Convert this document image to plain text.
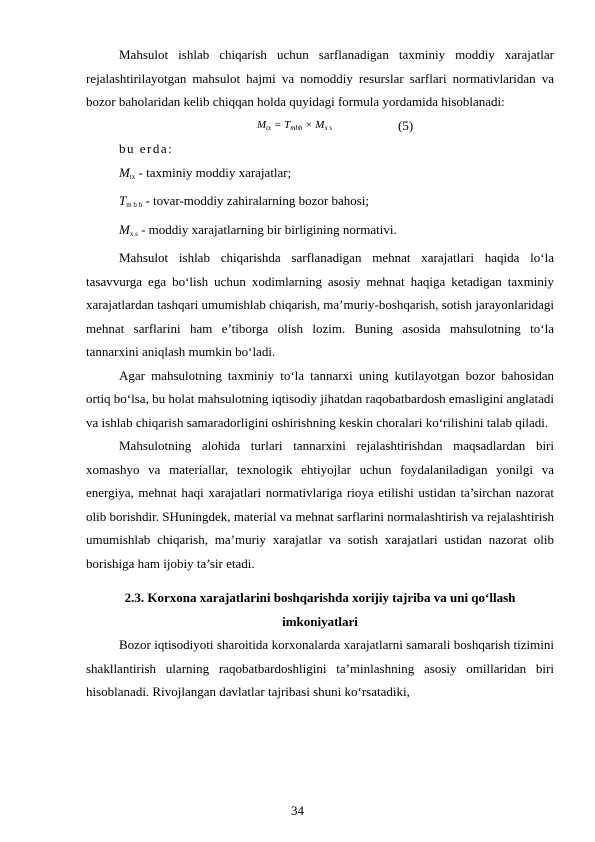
Mahsulot ishlab chiqarish uchun sarflanadigan taxminiy moddiy xarajatlar rejalashtirilayotgan mahsulot hajmi va nomoddiy resurslar sarflari normativlaridan va bozor baholaridan kelib chiqqan holda quyidagi formula yordamida hisoblanadi:

$M_{tx} = T_{mbb} \times M_{x s}$	(5)

bu erda:

$M_{tx}$ - taxminiy moddiy xarajatlar;

$T_{m b b}$ - tovar-moddiy zahiralarning bozor bahosi;

$M_{x s}$ - moddiy xarajatlarning bir birligining normativi.

Mahsulot ishlab chiqarishda sarflanadigan mehnat xarajatlari haqida lo‘la tasavvurga ega bo‘lish uchun xodimlarning asosiy mehnat haqiga ketadigan taxminiy xarajatlardan tashqari umumishlab chiqarish, ma’muriy-boshqarish, sotish jarayonlaridagi mehnat sarflarini ham e’tiborga olish lozim. Buning asosida mahsulotning to‘la tannarxini aniqlash mumkin bo‘ladi.

Agar mahsulotning taxminiy to‘la tannarxi uning kutilayotgan bozor bahosidan ortiq bo‘lsa, bu holat mahsulotning iqtisodiy jihatdan raqobatbardosh emasligini anglatadi va ishlab chiqarish samaradorligini oshirishning keskin choralari ko‘rilishini talab qiladi.

Mahsulotning alohida turlari tannarxini rejalashtirishdan maqsadlardan biri xomashyo va materiallar, texnologik ehtiyojlar uchun foydalaniladigan yonilgi va energiya, mehnat haqi xarajatlari normativlariga rioya etilishi ustidan ta’sirchan nazorat olib borishdir. SHuningdek, material va mehnat sarflarini normalashtirish va rejalashtirish umumishlab chiqarish, ma’muriy xarajatlar va sotish xarajatlari ustidan nazorat olib borishiga ham ijobiy ta’sir etadi.

2.3. Korxona xarajatlarini boshqarishda xorijiy tajriba va uni qo‘llash
imkoniyatlari

Bozor iqtisodiyoti sharoitida korxonalarda xarajatlarni samarali boshqarish tizimini shakllantirish ularning raqobatbardoshligini ta’minlashning asosiy omillaridan biri hisoblanadi. Rivojlangan davlatlar tajribasi shuni ko‘rsatadiki,

34
